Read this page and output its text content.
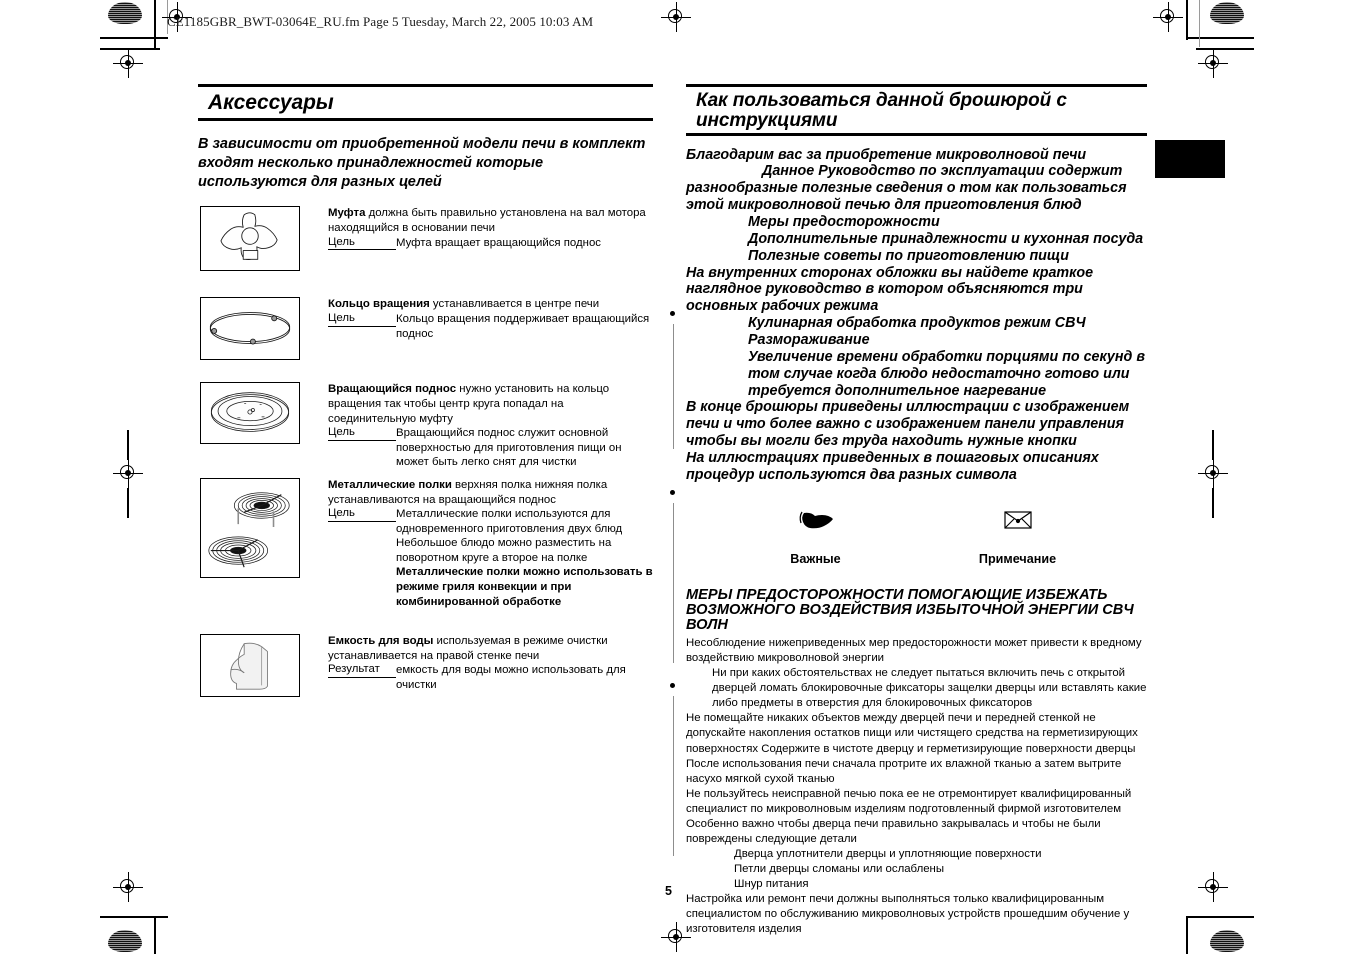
CE1185GBR_BWT-03064E_RU.fm Page 5 Tuesday, March 22, 2005 10:03 AM
Аксессуары
В зависимости от приобретенной модели печи в комплект входят несколько принадлежностей которые используются для разных целей
Муфта должна быть правильно установлена на вал мотора находящийся в основании печи
Цель	Муфта вращает вращающийся поднос
Кольцо вращения устанавливается в центре печи
Цель	Кольцо вращения поддерживает вращающийся поднос
Вращающийся поднос нужно установить на кольцо вращения так чтобы центр круга попадал на соединительную муфту
Цель	Вращающийся поднос служит основной поверхностью для приготовления пищи он может быть легко снят для чистки
Металлические полки верхняя полка нижняя полка устанавливаются на вращающийся поднос
Цель	Металлические полки используются для одновременного приготовления двух блюд Небольшое блюдо можно разместить на поворотном круге а второе на полке Металлические полки можно использовать в режиме гриля конвекции и при комбинированной обработке
Емкость для воды используемая в режиме очистки устанавливается на правой стенке печи
Результат	емкость для воды можно использовать для очистки
Как пользоваться данной брошюрой с инструкциями
Благодарим вас за приобретение микроволновой печи
Данное Руководство по эксплуатации содержит разнообразные полезные сведения о том как пользоваться этой микроволновой печью для приготовления блюд
Меры предосторожности
Дополнительные принадлежности и кухонная посуда
Полезные советы по приготовлению пищи
На внутренних сторонах обложки вы найдете краткое наглядное руководство в котором объясняются три основных рабочих режима
Кулинарная обработка продуктов режим СВЧ
Размораживание
Увеличение времени обработки порциями по секунд в том случае когда блюдо недостаточно готово или требуется дополнительное нагревание
В конце брошюры приведены иллюстрации с изображением печи и что более важно с изображением панели управления чтобы вы могли без труда находить нужные кнопки
На иллюстрациях приведенных в пошаговых описаниях процедур используются два разных символа
Важные	Примечание
МЕРЫ ПРЕДОСТОРОЖНОСТИ ПОМОГАЮЩИЕ ИЗБЕЖАТЬ ВОЗМОЖНОГО ВОЗДЕЙСТВИЯ ИЗБЫТОЧНОЙ ЭНЕРГИИ СВЧ ВОЛН
Несоблюдение нижеприведенных мер предосторожности может привести к вредному воздействию микроволновой энергии
Ни при каких обстоятельствах не следует пытаться включить печь с открытой дверцей ломать блокировочные фиксаторы защелки дверцы или вставлять какие либо предметы в отверстия для блокировочных фиксаторов
Не помещайте никаких объектов между дверцей печи и передней стенкой не допускайте накопления остатков пищи или чистящего средства на герметизирующих поверхностях Содержите в чистоте дверцу и герметизирующие поверхности дверцы После использования печи сначала протрите их влажной тканью а затем вытрите насухо мягкой сухой тканью
Не пользуйтесь неисправной печью пока ее не отремонтирует квалифицированный специалист по микроволновым изделиям подготовленный фирмой изготовителем
Особенно важно чтобы дверца печи правильно закрывалась и чтобы не были повреждены следующие детали
Дверца уплотнители дверцы и уплотняющие поверхности
Петли дверцы сломаны или ослаблены
Шнур питания
Настройка или ремонт печи должны выполняться только квалифицированным специалистом по обслуживанию микроволновых устройств прошедшим обучение у изготовителя изделия
5
